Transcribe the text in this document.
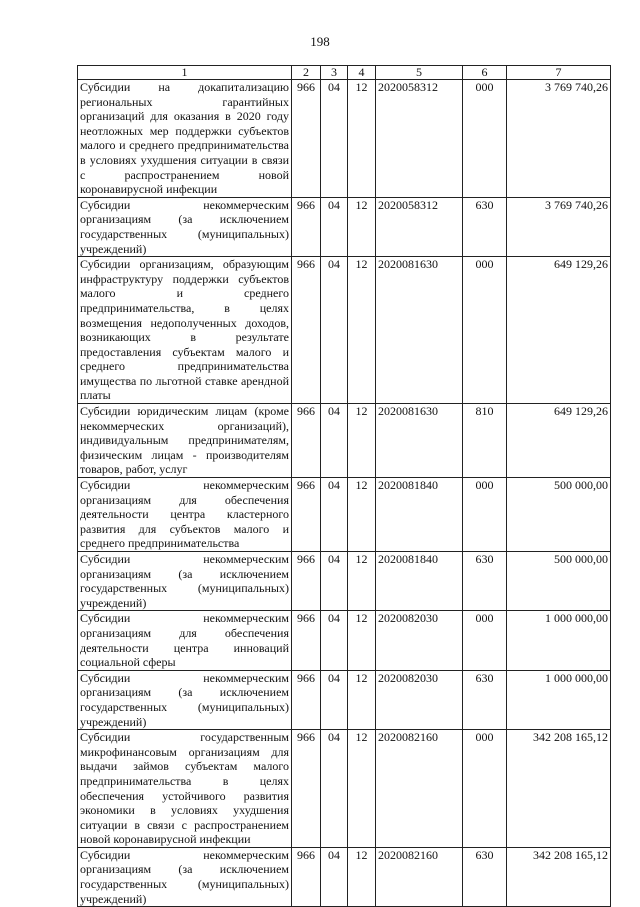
198
1	2	3	4	5	6	7
Субсидии на докапитализацию региональных гарантийных организаций для оказания в 2020 году неотложных мер поддержки субъектов малого и среднего предпринимательства в условиях ухудшения ситуации в связи с распространением новой коронавирусной инфекции	966	04	12	2020058312	000	3 769 740,26
Субсидии некоммерческим организациям (за исключением государственных (муниципальных) учреждений)	966	04	12	2020058312	630	3 769 740,26
Субсидии организациям, образующим инфраструктуру поддержки субъектов малого и среднего предпринимательства, в целях возмещения недополученных доходов, возникающих в результате предоставления субъектам малого и среднего предпринимательства имущества по льготной ставке арендной платы	966	04	12	2020081630	000	649 129,26
Субсидии юридическим лицам (кроме некоммерческих организаций), индивидуальным предпринимателям, физическим лицам - производителям товаров, работ, услуг	966	04	12	2020081630	810	649 129,26
Субсидии некоммерческим организациям для обеспечения деятельности центра кластерного развития для субъектов малого и среднего предпринимательства	966	04	12	2020081840	000	500 000,00
Субсидии некоммерческим организациям (за исключением государственных (муниципальных) учреждений)	966	04	12	2020081840	630	500 000,00
Субсидии некоммерческим организациям для обеспечения деятельности центра инноваций социальной сферы	966	04	12	2020082030	000	1 000 000,00
Субсидии некоммерческим организациям (за исключением государственных (муниципальных) учреждений)	966	04	12	2020082030	630	1 000 000,00
Субсидии государственным микрофинансовым организациям для выдачи займов субъектам малого предпринимательства в целях обеспечения устойчивого развития экономики в условиях ухудшения ситуации в связи с распространением новой коронавирусной инфекции	966	04	12	2020082160	000	342 208 165,12
Субсидии некоммерческим организациям (за исключением государственных (муниципальных) учреждений)	966	04	12	2020082160	630	342 208 165,12
